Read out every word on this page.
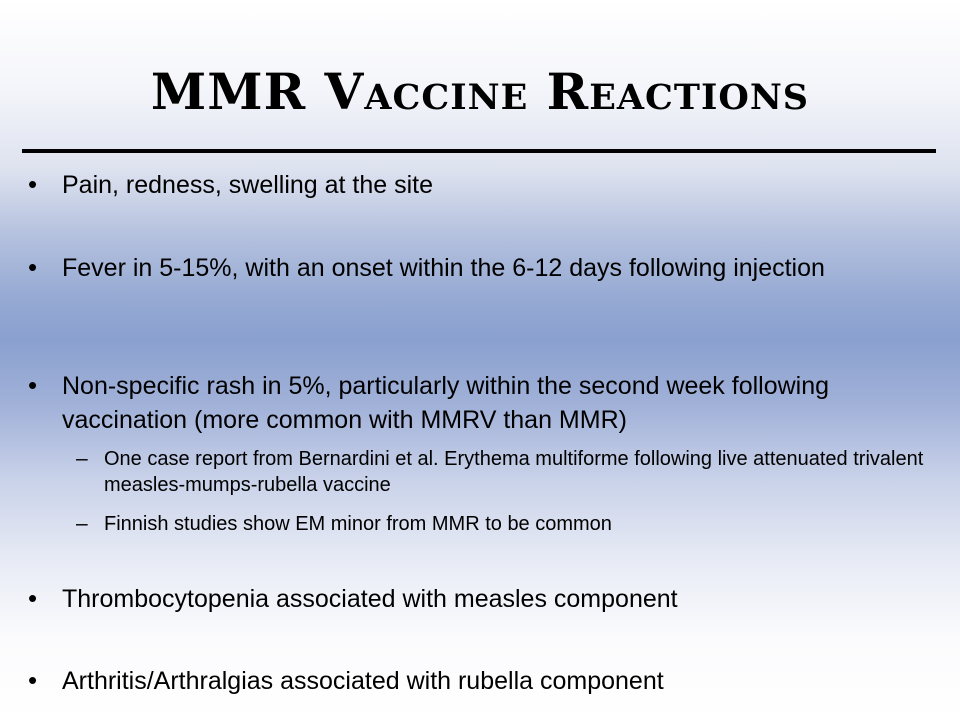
MMR Vaccine Reactions
• Pain, redness, swelling at the site
• Fever in 5-15%, with an onset within the 6-12 days following injection
• Non-specific rash in 5%, particularly within the second week following vaccination (more common with MMRV than MMR)
– One case report from Bernardini et al. Erythema multiforme following live attenuated trivalent measles-mumps-rubella vaccine
– Finnish studies show EM minor from MMR to be common
• Thrombocytopenia associated with measles component
• Arthritis/Arthralgias associated with rubella component
